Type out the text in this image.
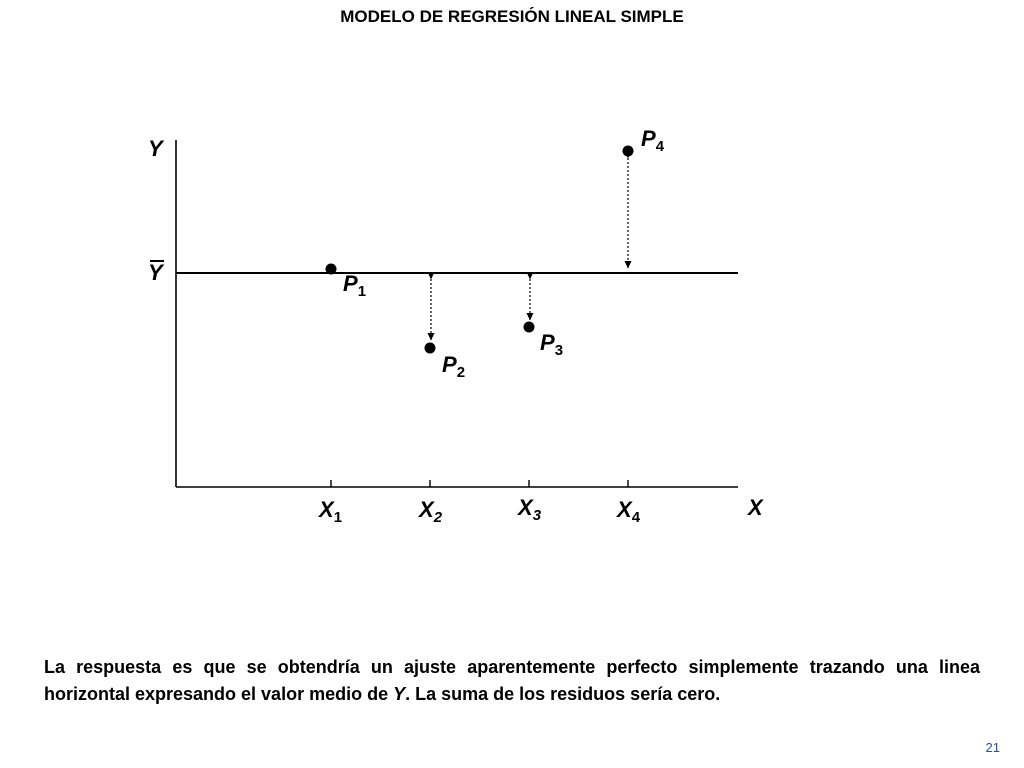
MODELO DE REGRESIÓN LINEAL SIMPLE
Y
X
Y
X1	X2	X3	X4
P1
P2
P3
P4
La respuesta es que se obtendría un ajuste aparentemente perfecto simplemente trazando una linea horizontal expresando el valor medio de Y. La suma de los residuos sería cero.
21
